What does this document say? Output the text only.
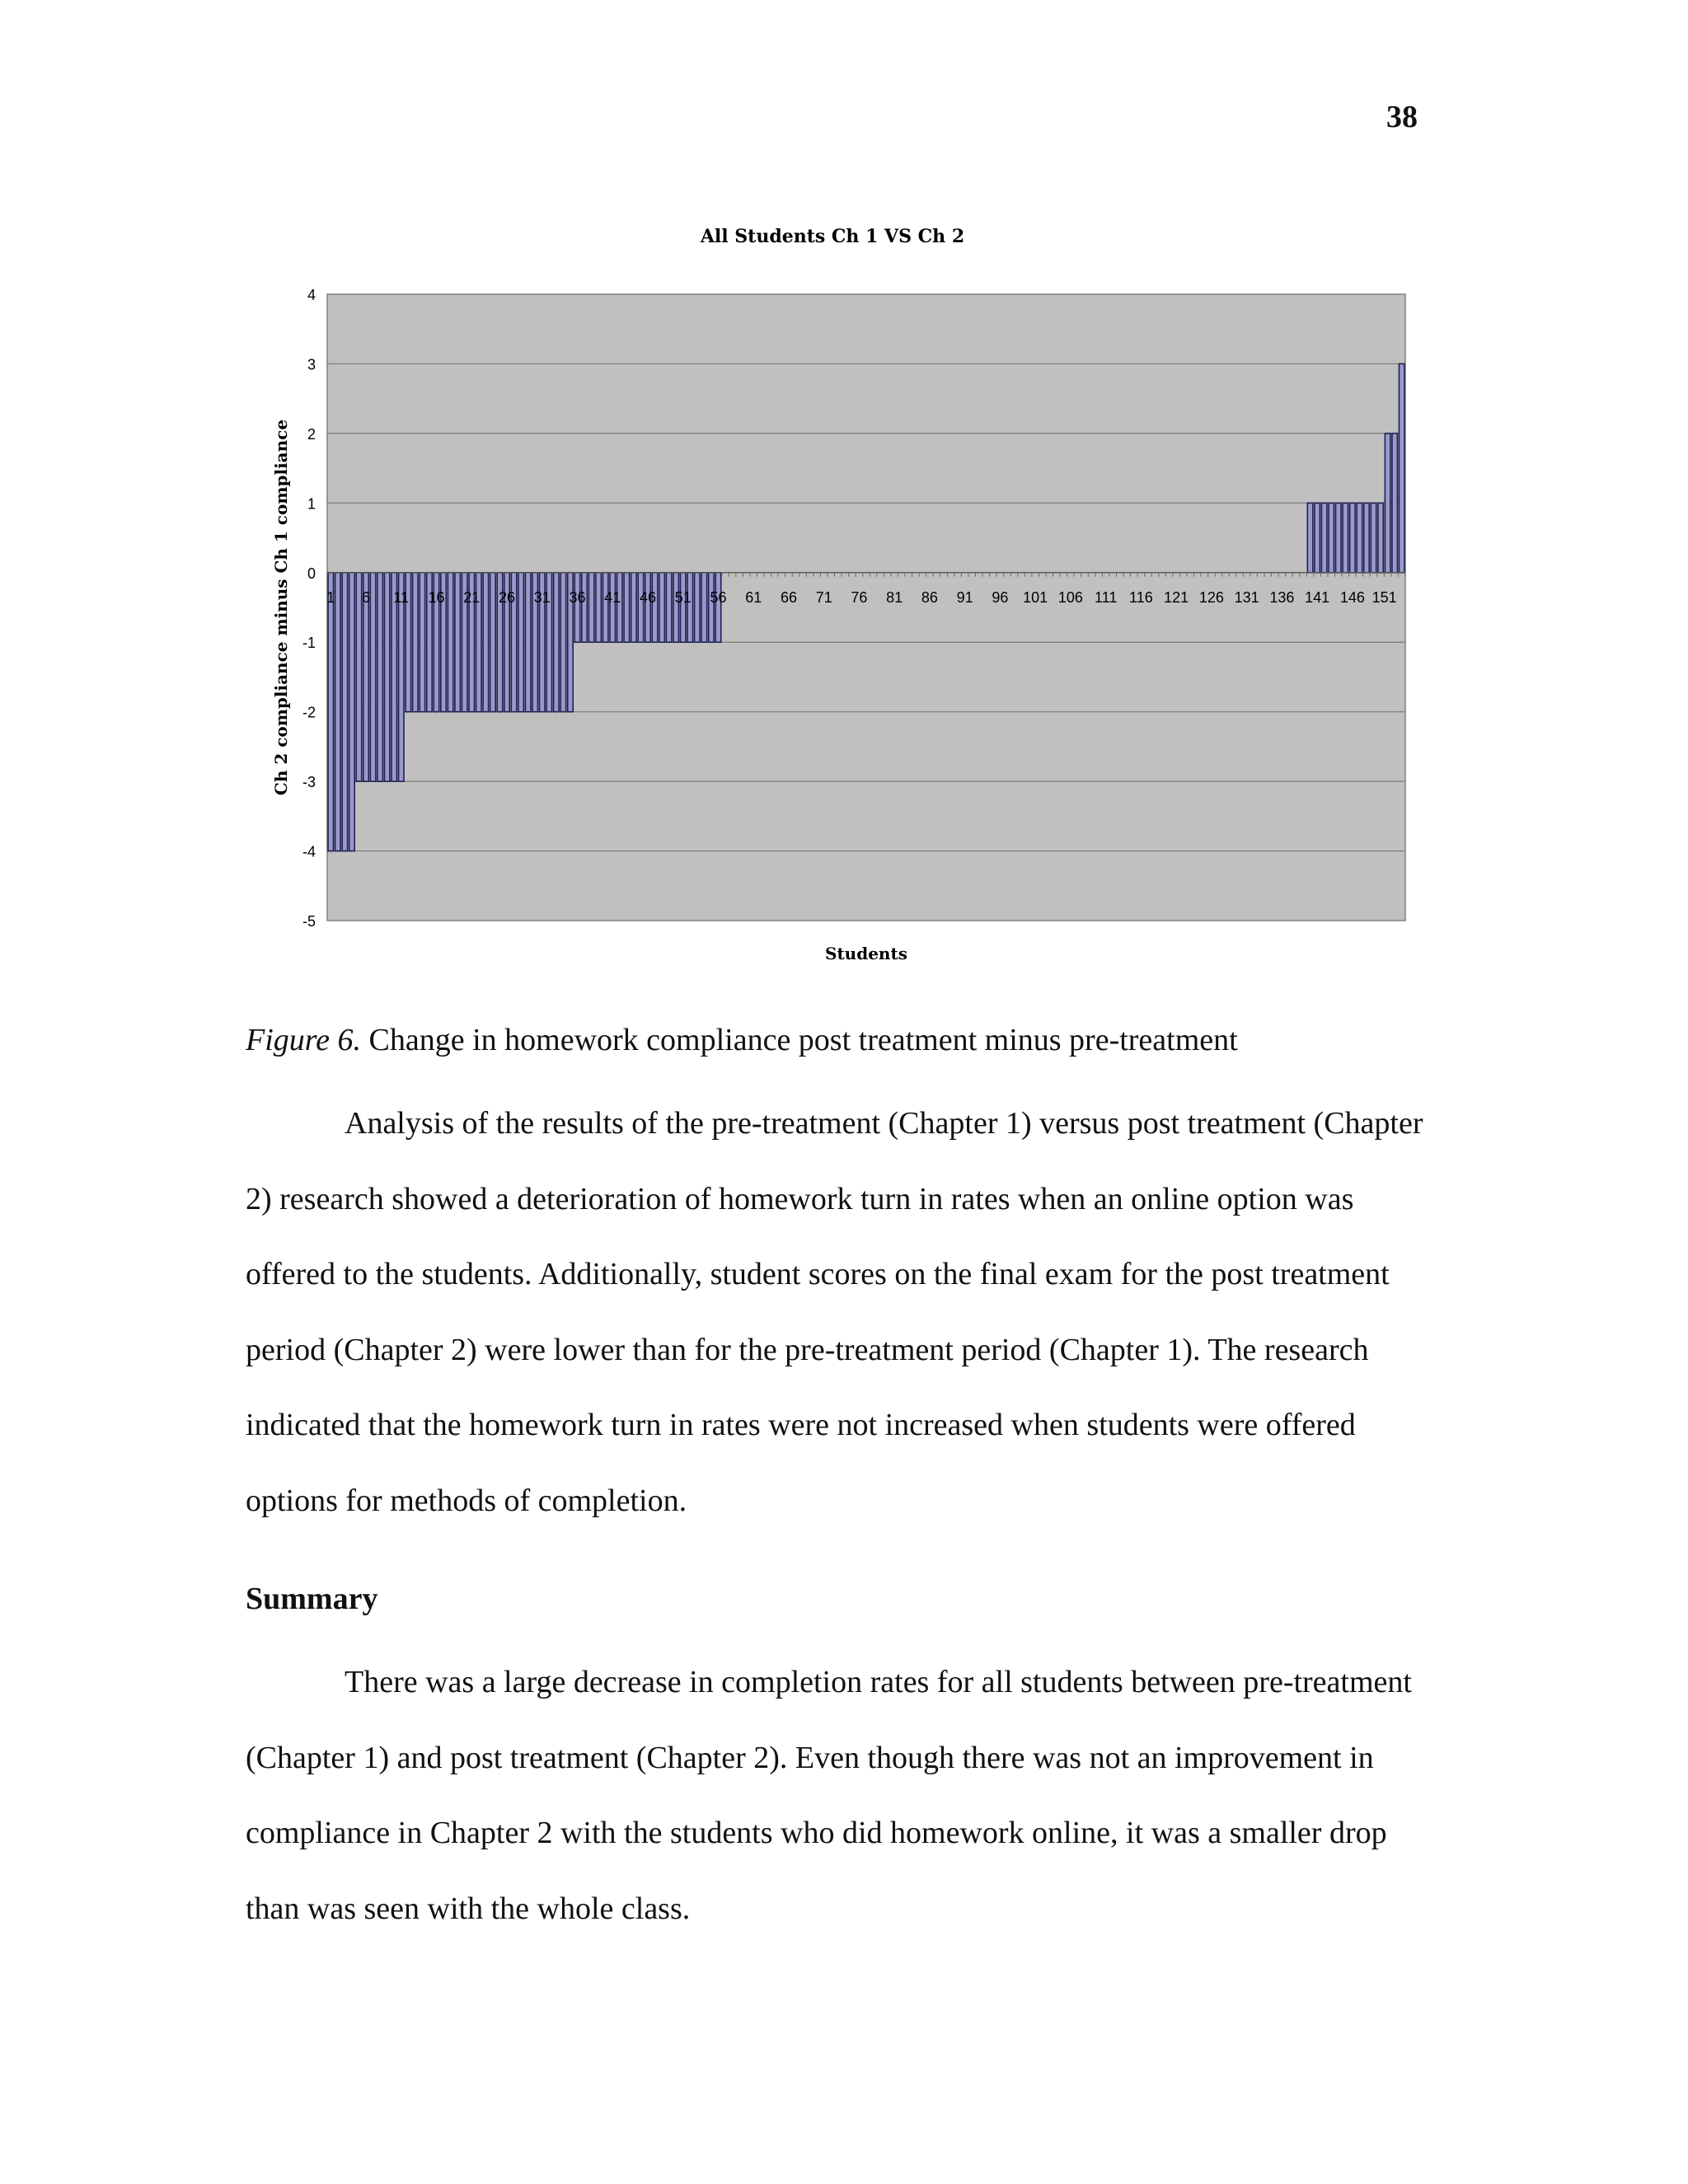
38
All Students Ch 1 VS Ch 2
4
3
2
1
0
-1
-2
-3
-4
-5
1 6 11 16 21 26 31 36 41 46 51 56 61 66 71 76 81 86 91 96 101 106 111 116 121 126 131 136 141 146 151
Students
Ch 2 compliance minus Ch 1 compliance
Figure 6. Change in homework compliance post treatment minus pre-treatment

Analysis of the results of the pre-treatment (Chapter 1) versus post treatment (Chapter 2) research showed a deterioration of homework turn in rates when an online option was offered to the students. Additionally, student scores on the final exam for the post treatment period (Chapter 2) were lower than for the pre-treatment period (Chapter 1). The research indicated that the homework turn in rates were not increased when students were offered options for methods of completion.

Summary

There was a large decrease in completion rates for all students between pre-treatment (Chapter 1) and post treatment (Chapter 2). Even though there was not an improvement in compliance in Chapter 2 with the students who did homework online, it was a smaller drop than was seen with the whole class.
